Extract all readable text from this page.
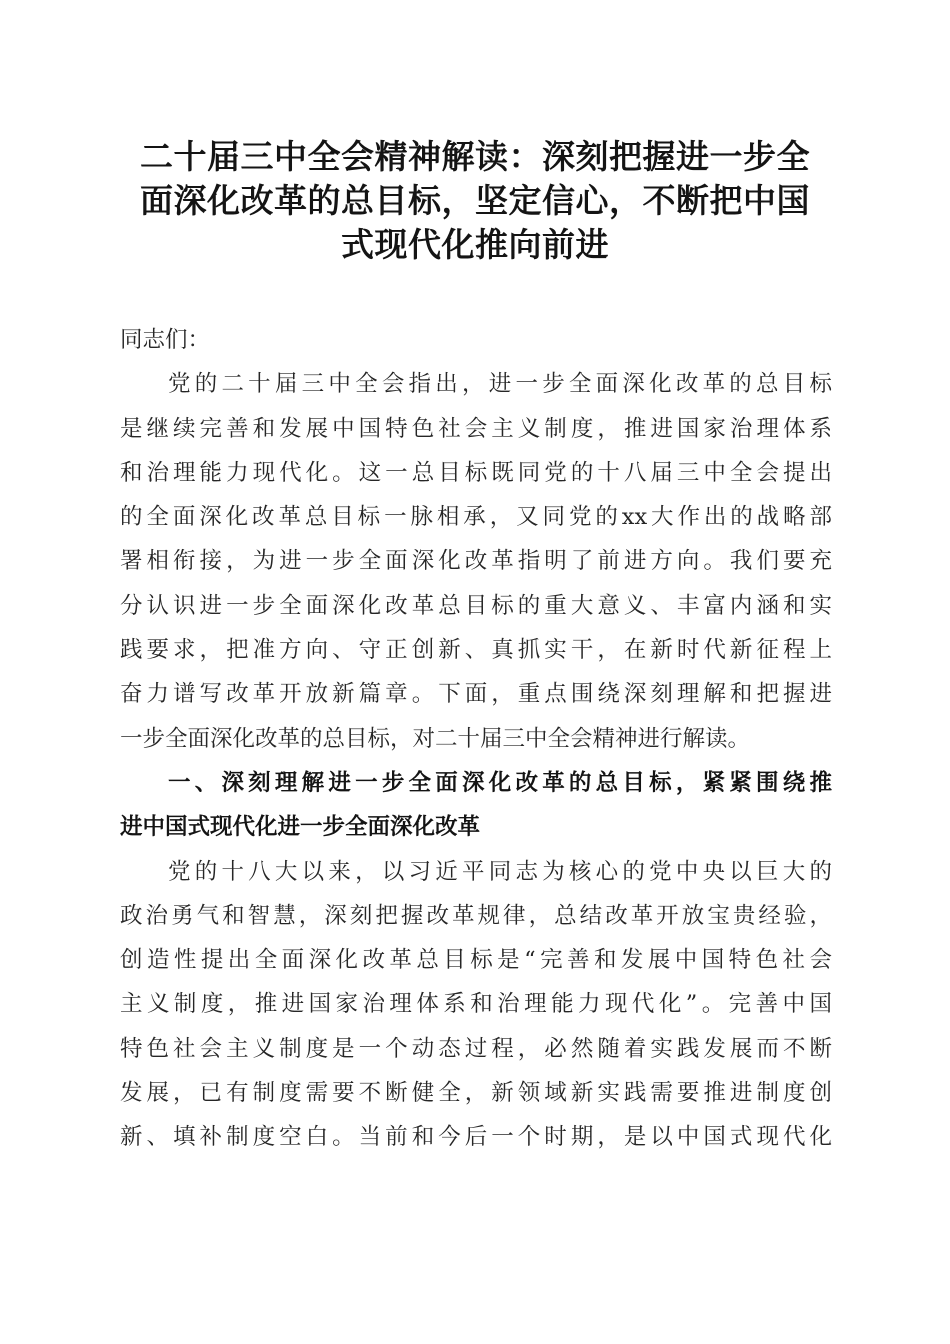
二十届三中全会精神解读：深刻把握进一步全
面深化改革的总目标，坚定信心，不断把中国
式现代化推向前进
同志们：
党的二十届三中全会指出，进一步全面深化改革的总目标
是继续完善和发展中国特色社会主义制度，推进国家治理体系
和治理能力现代化。这一总目标既同党的十八届三中全会提出
的全面深化改革总目标一脉相承，又同党的xx大作出的战略部
署相衔接，为进一步全面深化改革指明了前进方向。我们要充
分认识进一步全面深化改革总目标的重大意义、丰富内涵和实
践要求，把准方向、守正创新、真抓实干，在新时代新征程上
奋力谱写改革开放新篇章。下面，重点围绕深刻理解和把握进
一步全面深化改革的总目标，对二十届三中全会精神进行解读。
一、深刻理解进一步全面深化改革的总目标，紧紧围绕推
进中国式现代化进一步全面深化改革
党的十八大以来，以习近平同志为核心的党中央以巨大的
政治勇气和智慧，深刻把握改革规律，总结改革开放宝贵经验，
创造性提出全面深化改革总目标是“完善和发展中国特色社会
主义制度，推进国家治理体系和治理能力现代化”。完善中国
特色社会主义制度是一个动态过程，必然随着实践发展而不断
发展，已有制度需要不断健全，新领域新实践需要推进制度创
新、填补制度空白。当前和今后一个时期，是以中国式现代化
